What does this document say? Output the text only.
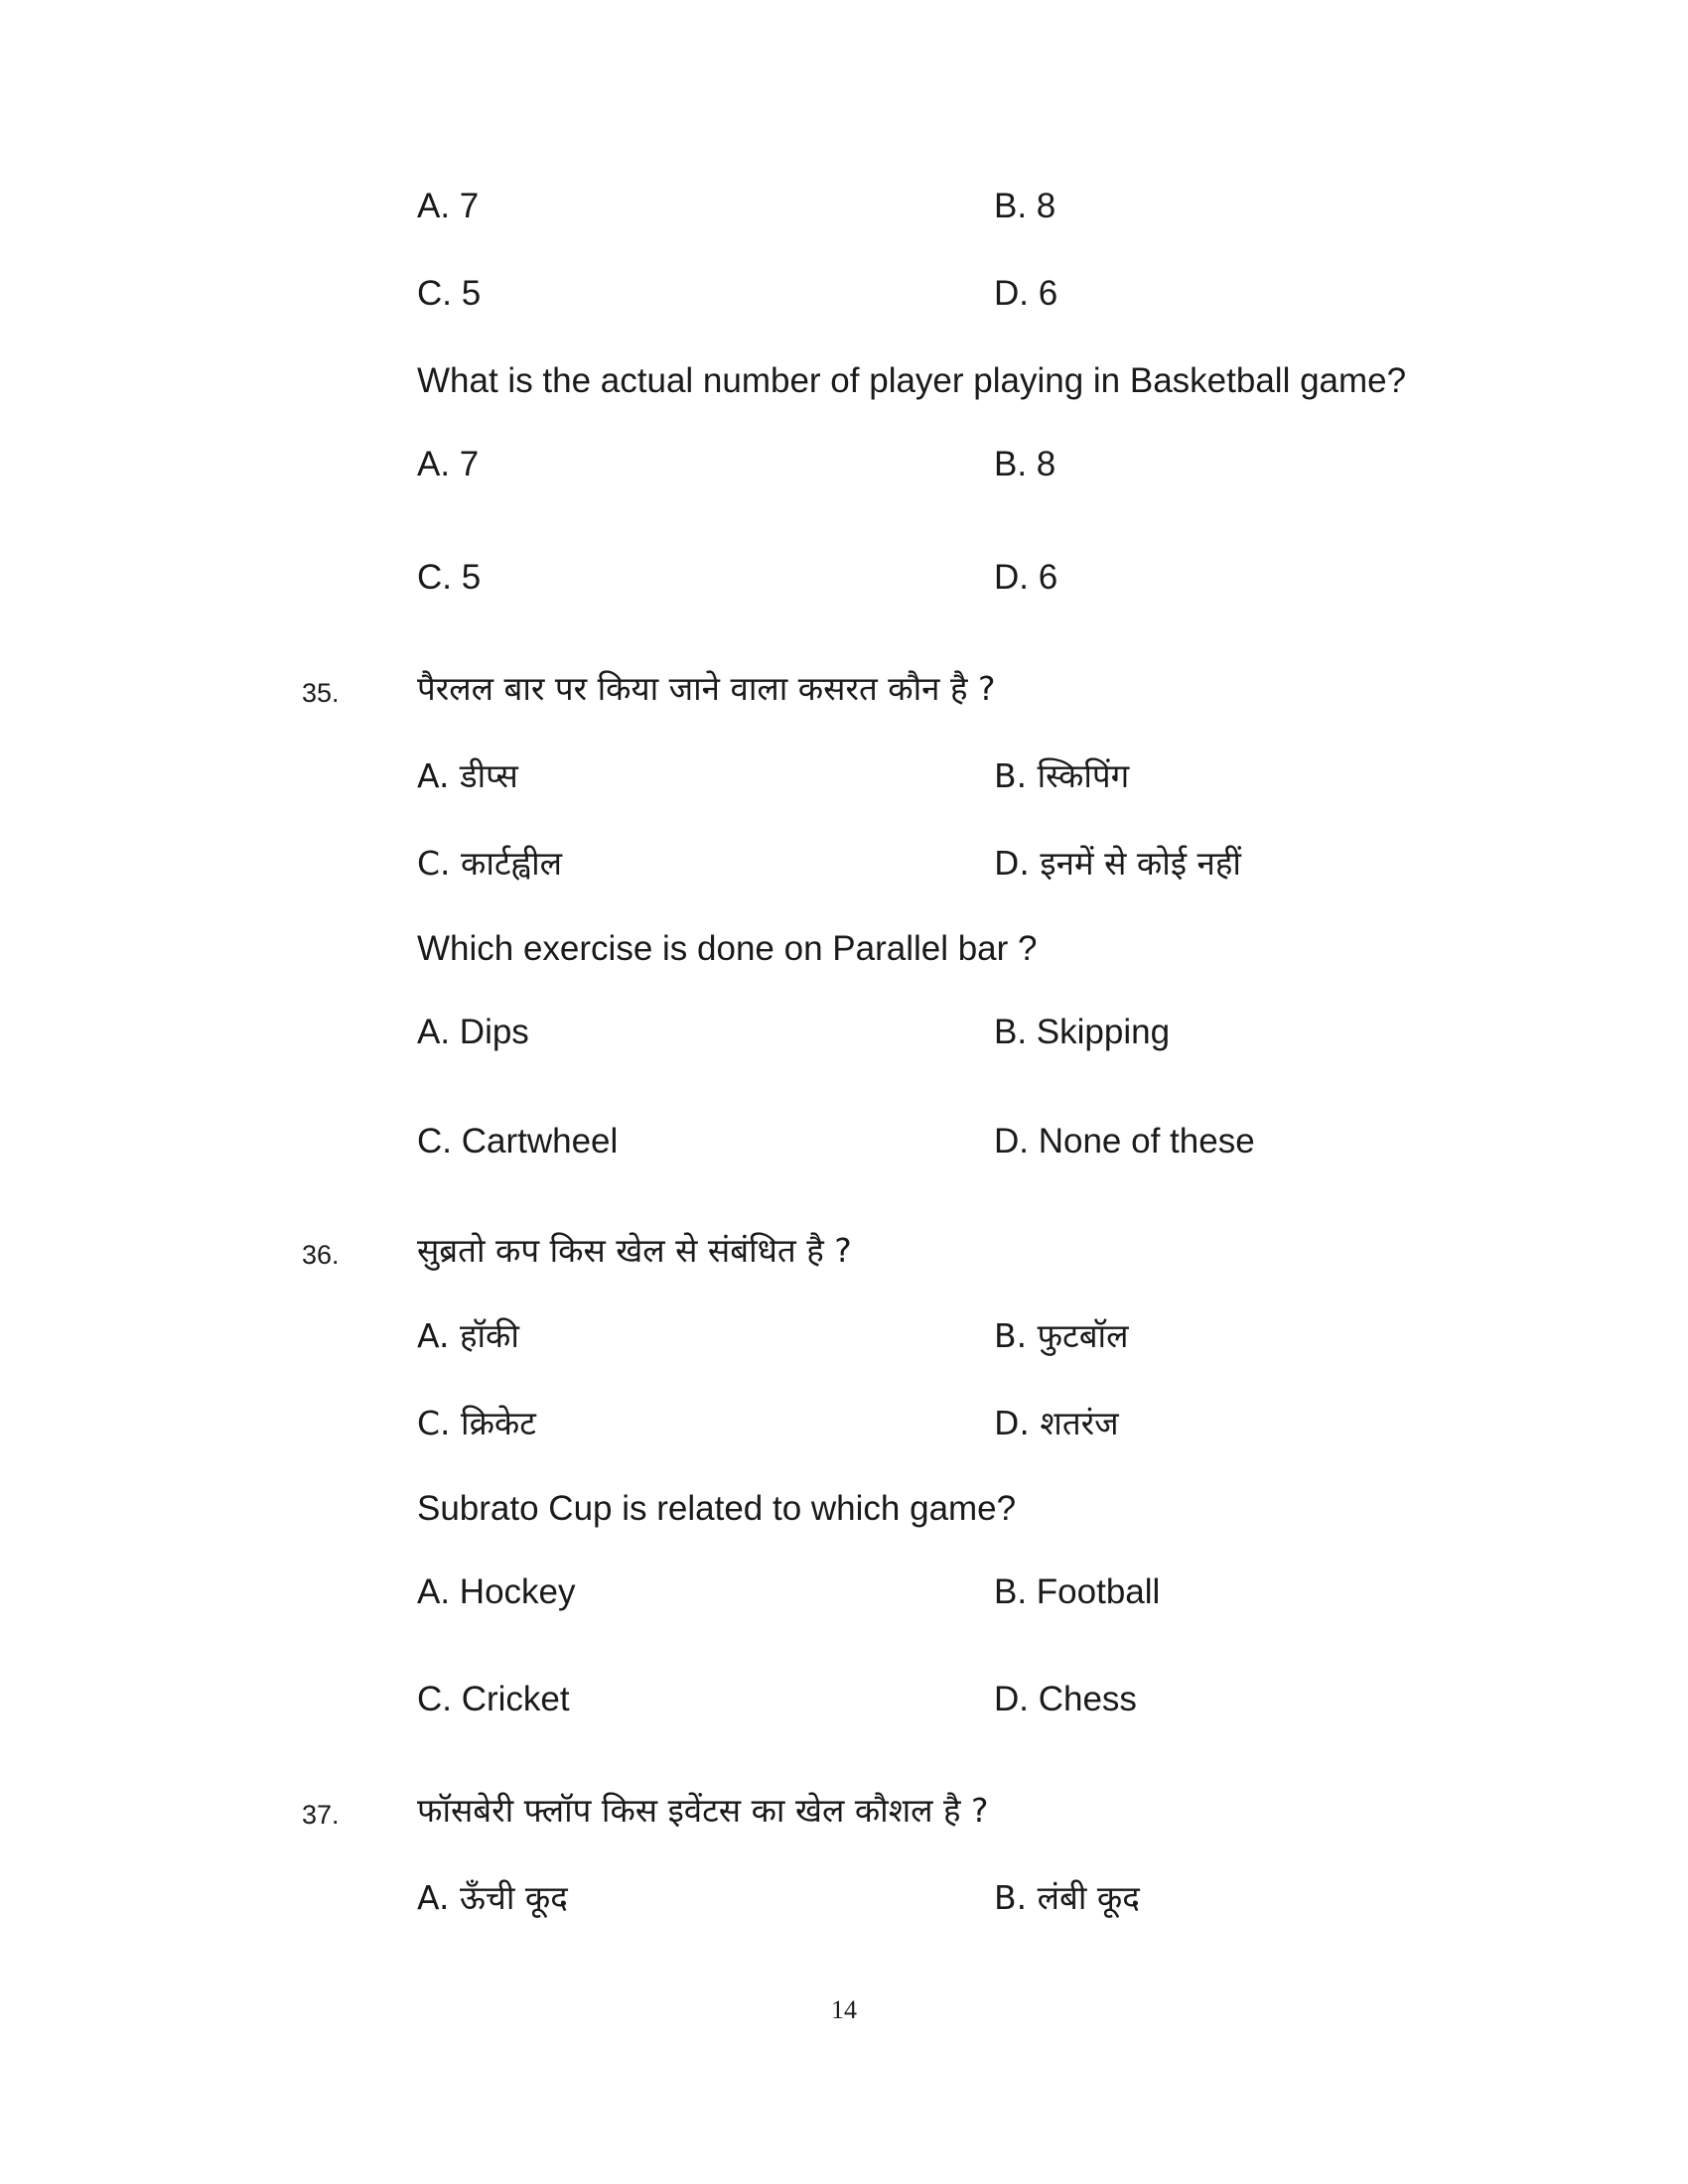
A. 7	B. 8
C. 5	D. 6
What is the actual number of player playing in Basketball game?
A. 7	B. 8
C. 5	D. 6
35. पैरलल बार पर किया जाने वाला कसरत कौन है ?
A. डीप्स	B. स्किपिंग
C. कार्टह्वील	D. इनमें से कोई नहीं
Which exercise is done on Parallel bar ?
A. Dips	B. Skipping
C. Cartwheel	D. None of these
36. सुब्रतो कप किस खेल से संबंधित है ?
A. हॉकी	B. फुटबॉल
C. क्रिकेट	D. शतरंज
Subrato Cup is related to which game?
A. Hockey	B. Football
C. Cricket	D. Chess
37. फॉसबेरी फ्लॉप किस इवेंटस का खेल कौशल है ?
A. ऊँची कूद	B. लंबी कूद
14
